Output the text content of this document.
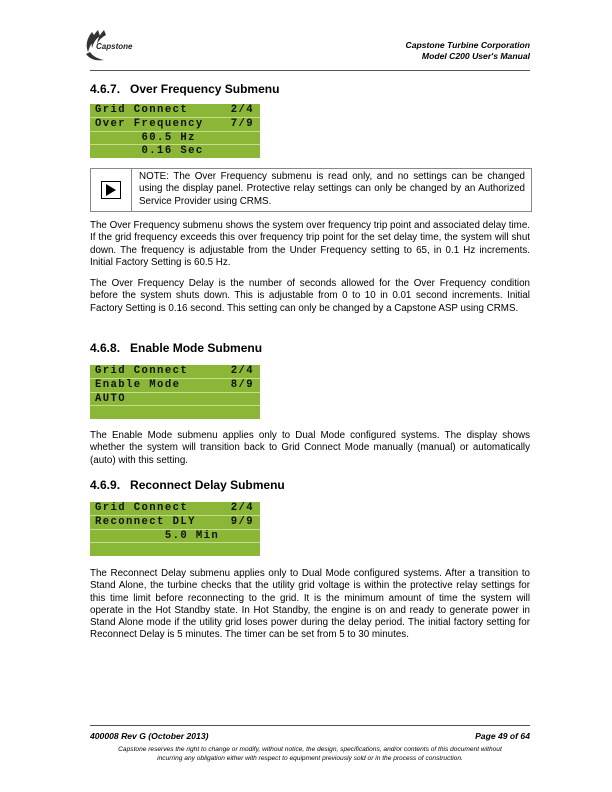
Capstone	Capstone Turbine Corporation
Model C200 User's Manual
4.6.7. Over Frequency Submenu
Grid Connect	2/4
Over Frequency	7/9
60.5 Hz
0.16 Sec
NOTE: The Over Frequency submenu is read only, and no settings can be changed using the display panel. Protective relay settings can only be changed by an Authorized Service Provider using CRMS.

The Over Frequency submenu shows the system over frequency trip point and associated delay time. If the grid frequency exceeds this over frequency trip point for the set delay time, the system will shut down. The frequency is adjustable from the Under Frequency setting to 65, in 0.1 Hz increments. Initial Factory Setting is 60.5 Hz.

The Over Frequency Delay is the number of seconds allowed for the Over Frequency condition before the system shuts down. This is adjustable from 0 to 10 in 0.01 second increments. Initial Factory Setting is 0.16 second. This setting can only be changed by a Capstone ASP using CRMS.

4.6.8. Enable Mode Submenu
Grid Connect	2/4
Enable Mode	8/9
AUTO

The Enable Mode submenu applies only to Dual Mode configured systems. The display shows whether the system will transition back to Grid Connect Mode manually (manual) or automatically (auto) with this setting.

4.6.9. Reconnect Delay Submenu
Grid Connect	2/4
Reconnect DLY	9/9
5.0 Min

The Reconnect Delay submenu applies only to Dual Mode configured systems. After a transition to Stand Alone, the turbine checks that the utility grid voltage is within the protective relay settings for this time limit before reconnecting to the grid. It is the minimum amount of time the system will operate in the Hot Standby state. In Hot Standby, the engine is on and ready to generate power in Stand Alone mode if the utility grid loses power during the delay period. The initial factory setting for Reconnect Delay is 5 minutes. The timer can be set from 5 to 30 minutes.

400008 Rev G (October 2013)	Page 49 of 64
Capstone reserves the right to change or modify, without notice, the design, specifications, and/or contents of this document without
incurring any obligation either with respect to equipment previously sold or in the process of construction.
